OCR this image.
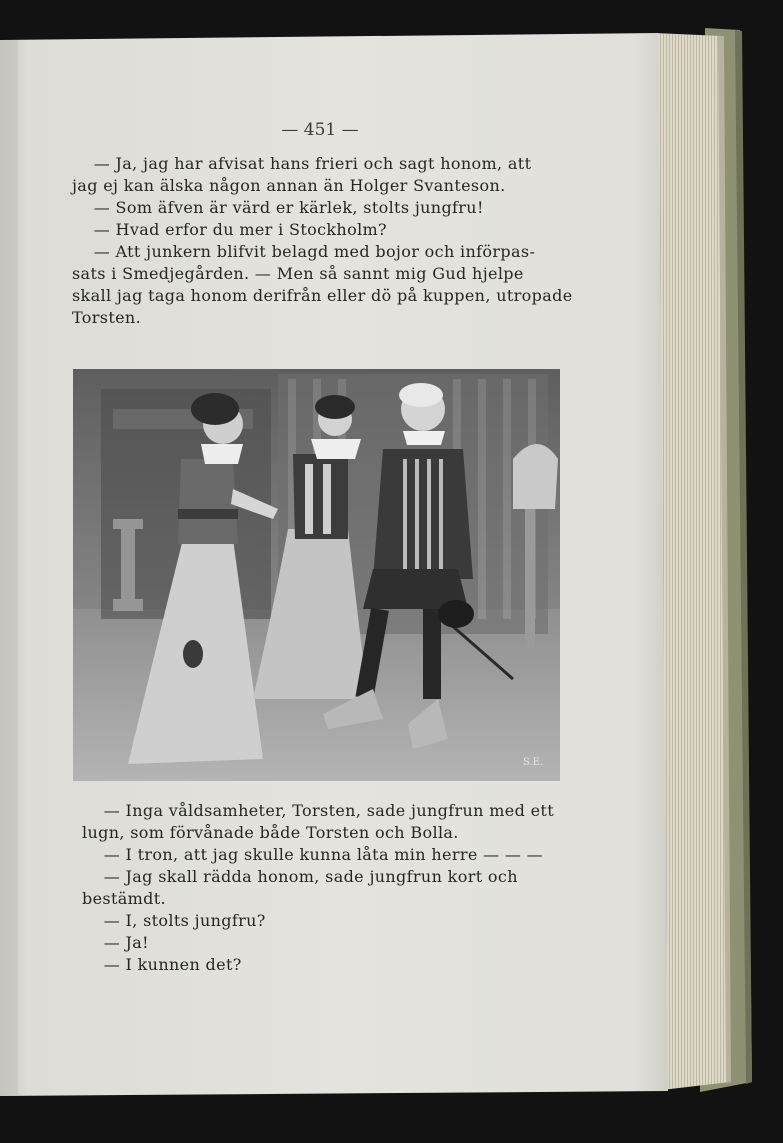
— 451 —
— Ja, jag har afvisat hans frieri och sagt honom, att
jag ej kan älska någon annan än Holger Svanteson.
— Som äfven är värd er kärlek, stolts jungfru!
— Hvad erfor du mer i Stockholm?
— Att junkern blifvit belagd med bojor och införpas-
sats i Smedjegården. — Men så sannt mig Gud hjelpe
skall jag taga honom derifrån eller dö på kuppen, utropade
Torsten.
S.E.
— Inga våldsamheter, Torsten, sade jungfrun med ett
lugn, som förvånade både Torsten och Bolla.
— I tron, att jag skulle kunna låta min herre — — —
— Jag skall rädda honom, sade jungfrun kort och
bestämdt.
— I, stolts jungfru?
— Ja!
— I kunnen det?
